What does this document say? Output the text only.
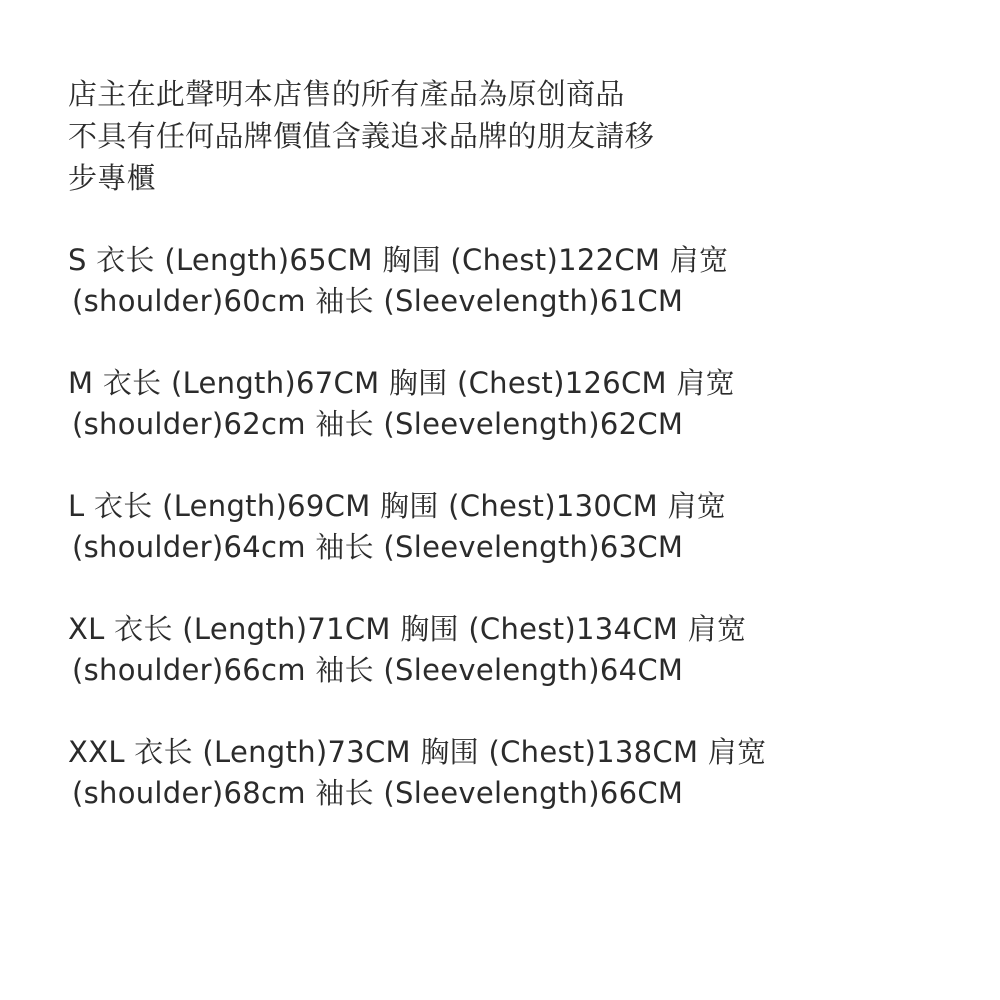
店主在此聲明本店售的所有產品為原创商品
不具有任何品牌價值含義追求品牌的朋友請移
步專櫃
S 衣长 (Length)65CM 胸围 (Chest)122CM 肩宽
(shoulder)60cm 袖长 (Sleevelength)61CM
M 衣长 (Length)67CM 胸围 (Chest)126CM 肩宽
(shoulder)62cm 袖长 (Sleevelength)62CM
L 衣长 (Length)69CM 胸围 (Chest)130CM 肩宽
(shoulder)64cm 袖长 (Sleevelength)63CM
XL 衣长 (Length)71CM 胸围 (Chest)134CM 肩宽
(shoulder)66cm 袖长 (Sleevelength)64CM
XXL 衣长 (Length)73CM 胸围 (Chest)138CM 肩宽
(shoulder)68cm 袖长 (Sleevelength)66CM
